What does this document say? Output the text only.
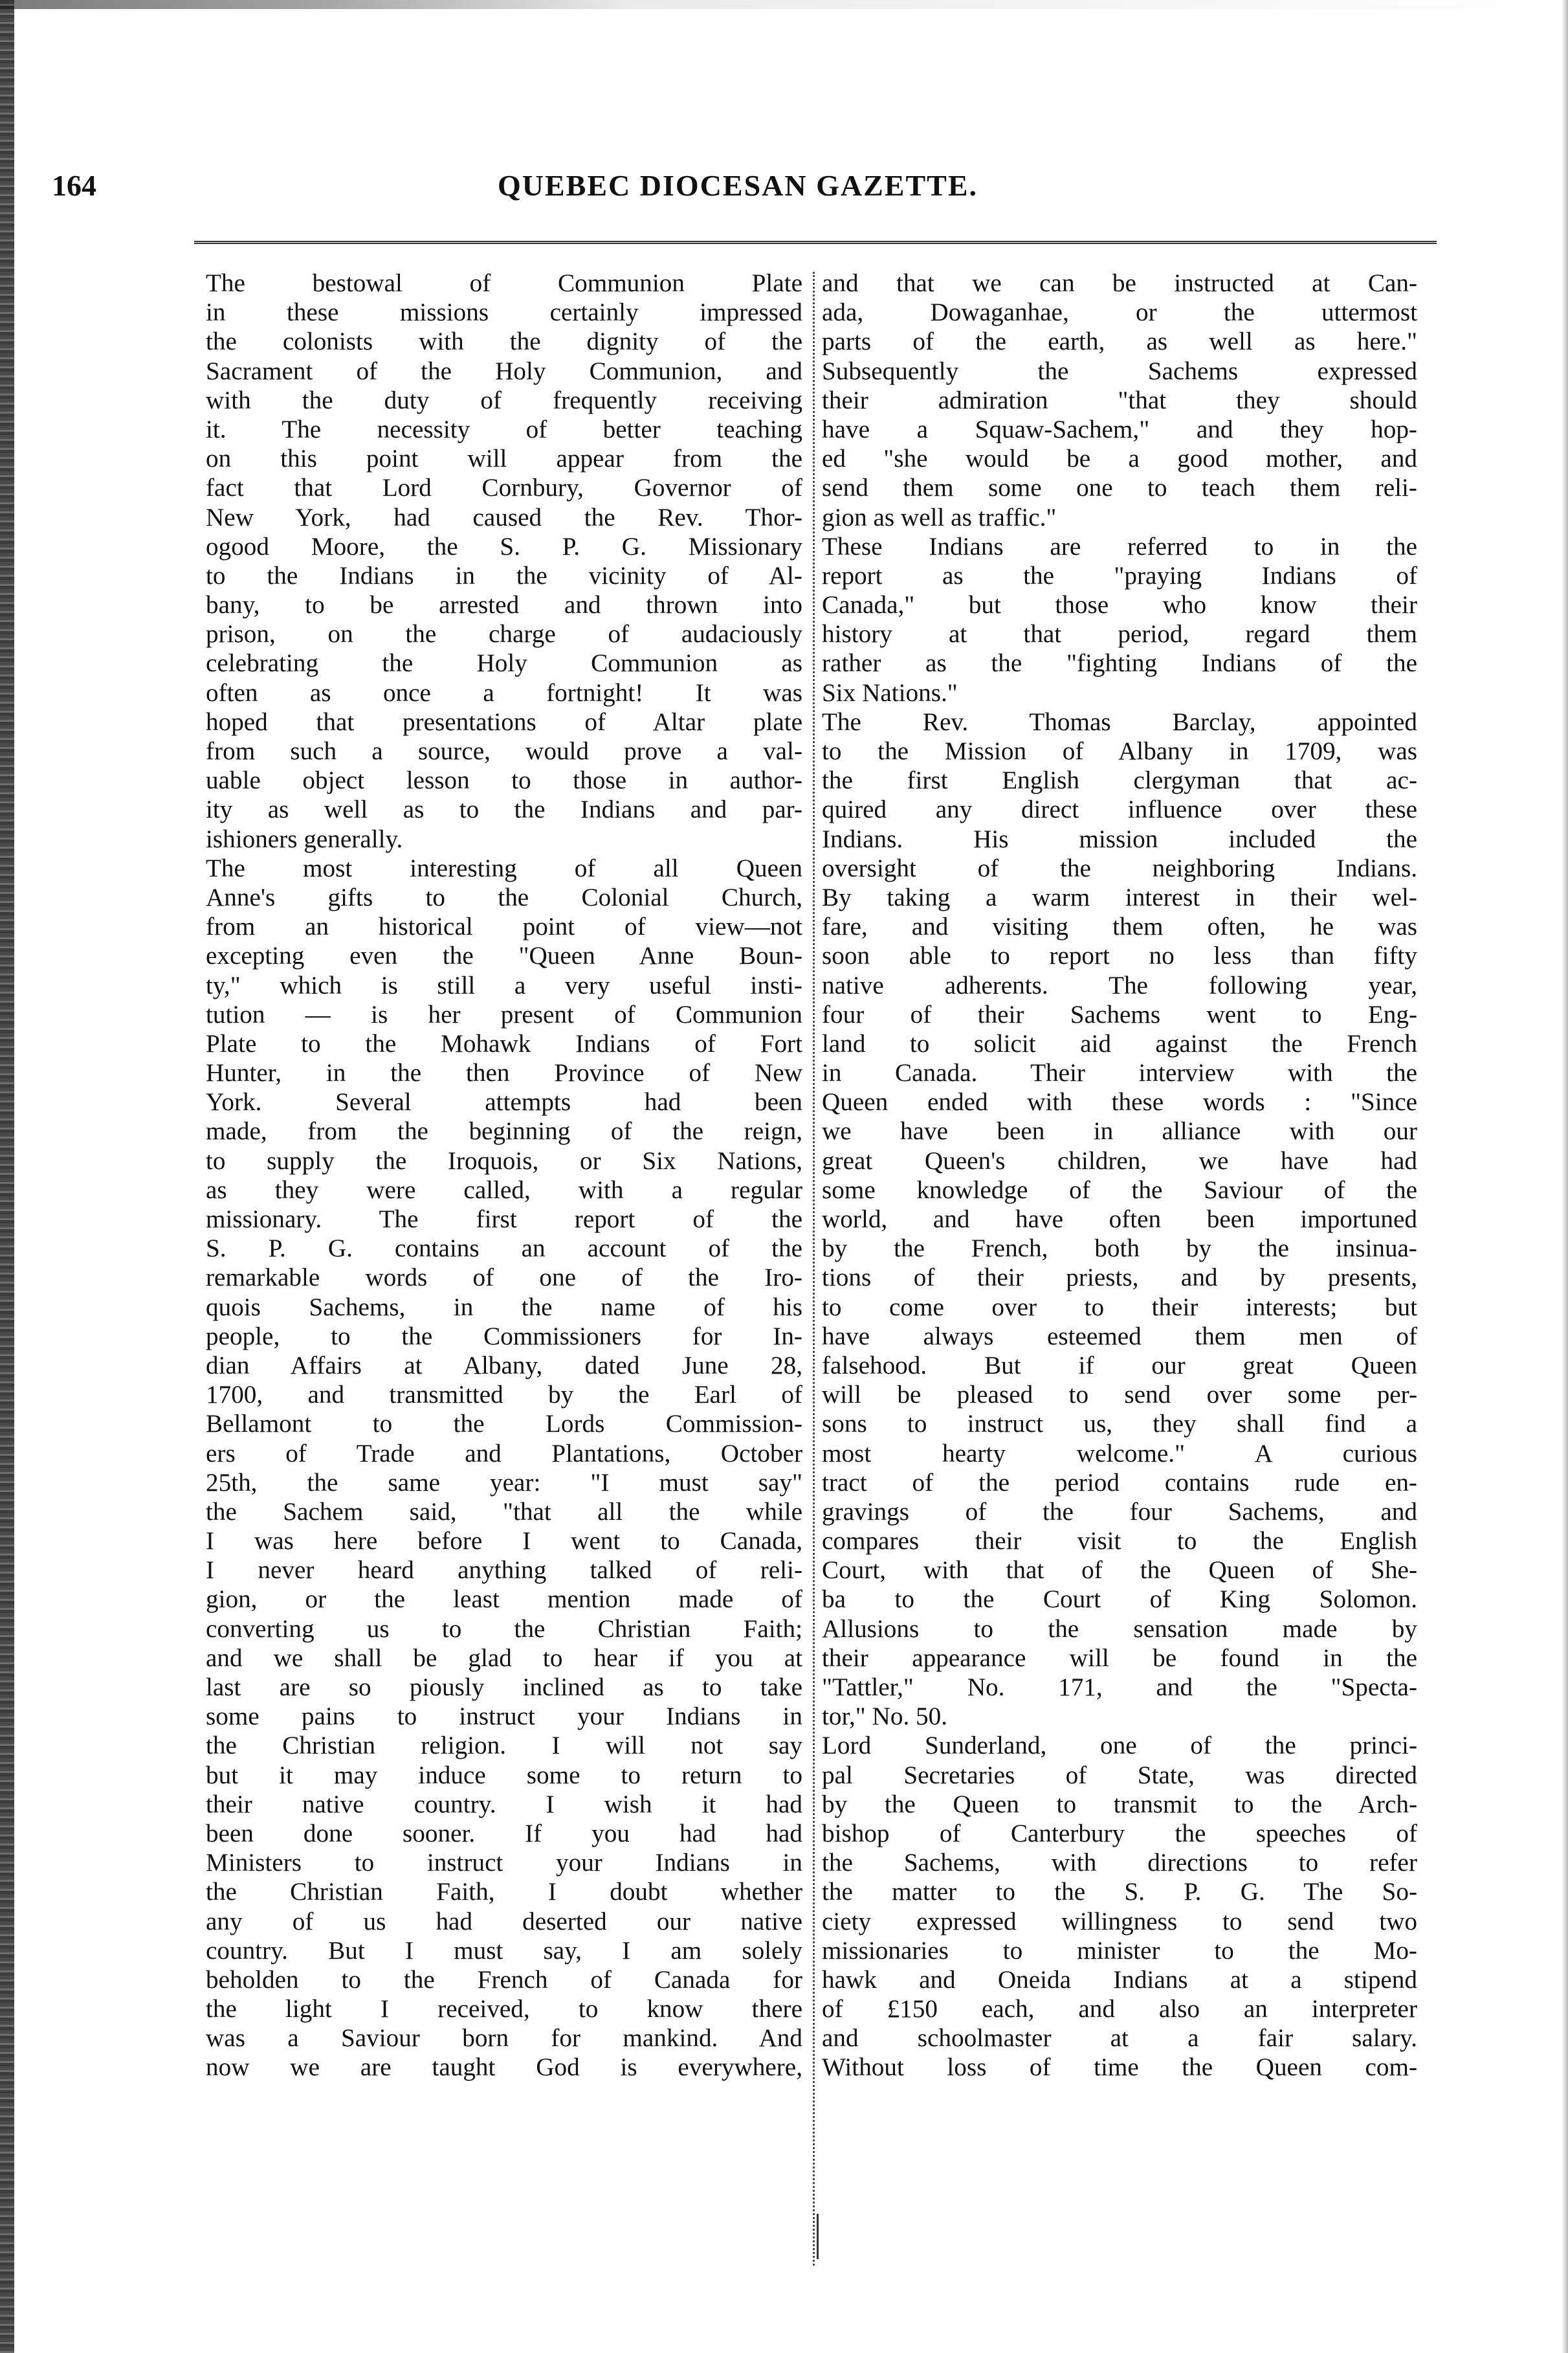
164	QUEBEC DIOCESAN GAZETTE.
The bestowal of Communion Plate
in these missions certainly impressed
the colonists with the dignity of the
Sacrament of the Holy Communion, and
with the duty of frequently receiving
it. The necessity of better teaching
on this point will appear from the
fact that Lord Cornbury, Governor of
New York, had caused the Rev. Thor-
ogood Moore, the S. P. G. Missionary
to the Indians in the vicinity of Al-
bany, to be arrested and thrown into
prison, on the charge of audaciously
celebrating the Holy Communion as
often as once a fortnight! It was
hoped that presentations of Altar plate
from such a source, would prove a val-
uable object lesson to those in author-
ity as well as to the Indians and par-
ishioners generally.
The most interesting of all Queen
Anne's gifts to the Colonial Church,
from an historical point of view—not
excepting even the "Queen Anne Boun-
ty," which is still a very useful insti-
tution — is her present of Communion
Plate to the Mohawk Indians of Fort
Hunter, in the then Province of New
York. Several attempts had been
made, from the beginning of the reign,
to supply the Iroquois, or Six Nations,
as they were called, with a regular
missionary. The first report of the
S. P. G. contains an account of the
remarkable words of one of the Iro-
quois Sachems, in the name of his
people, to the Commissioners for In-
dian Affairs at Albany, dated June 28,
1700, and transmitted by the Earl of
Bellamont to the Lords Commission-
ers of Trade and Plantations, October
25th, the same year: "I must say"
the Sachem said, "that all the while
I was here before I went to Canada,
I never heard anything talked of reli-
gion, or the least mention made of
converting us to the Christian Faith;
and we shall be glad to hear if you at
last are so piously inclined as to take
some pains to instruct your Indians in
the Christian religion. I will not say
but it may induce some to return to
their native country. I wish it had
been done sooner. If you had had
Ministers to instruct your Indians in
the Christian Faith, I doubt whether
any of us had deserted our native
country. But I must say, I am solely
beholden to the French of Canada for
the light I received, to know there
was a Saviour born for mankind. And
now we are taught God is everywhere,
and that we can be instructed at Can-
ada, Dowaganhae, or the uttermost
parts of the earth, as well as here."
Subsequently the Sachems expressed
their admiration "that they should
have a Squaw-Sachem," and they hop-
ed "she would be a good mother, and
send them some one to teach them reli-
gion as well as traffic."
These Indians are referred to in the
report as the "praying Indians of
Canada," but those who know their
history at that period, regard them
rather as the "fighting Indians of the
Six Nations."
The Rev. Thomas Barclay, appointed
to the Mission of Albany in 1709, was
the first English clergyman that ac-
quired any direct influence over these
Indians. His mission included the
oversight of the neighboring Indians.
By taking a warm interest in their wel-
fare, and visiting them often, he was
soon able to report no less than fifty
native adherents. The following year,
four of their Sachems went to Eng-
land to solicit aid against the French
in Canada. Their interview with the
Queen ended with these words : "Since
we have been in alliance with our
great Queen's children, we have had
some knowledge of the Saviour of the
world, and have often been importuned
by the French, both by the insinua-
tions of their priests, and by presents,
to come over to their interests; but
have always esteemed them men of
falsehood. But if our great Queen
will be pleased to send over some per-
sons to instruct us, they shall find a
most hearty welcome." A curious
tract of the period contains rude en-
gravings of the four Sachems, and
compares their visit to the English
Court, with that of the Queen of She-
ba to the Court of King Solomon.
Allusions to the sensation made by
their appearance will be found in the
"Tattler," No. 171, and the "Specta-
tor," No. 50.
Lord Sunderland, one of the princi-
pal Secretaries of State, was directed
by the Queen to transmit to the Arch-
bishop of Canterbury the speeches of
the Sachems, with directions to refer
the matter to the S. P. G. The So-
ciety expressed willingness to send two
missionaries to minister to the Mo-
hawk and Oneida Indians at a stipend
of £150 each, and also an interpreter
and schoolmaster at a fair salary.
Without loss of time the Queen com-
